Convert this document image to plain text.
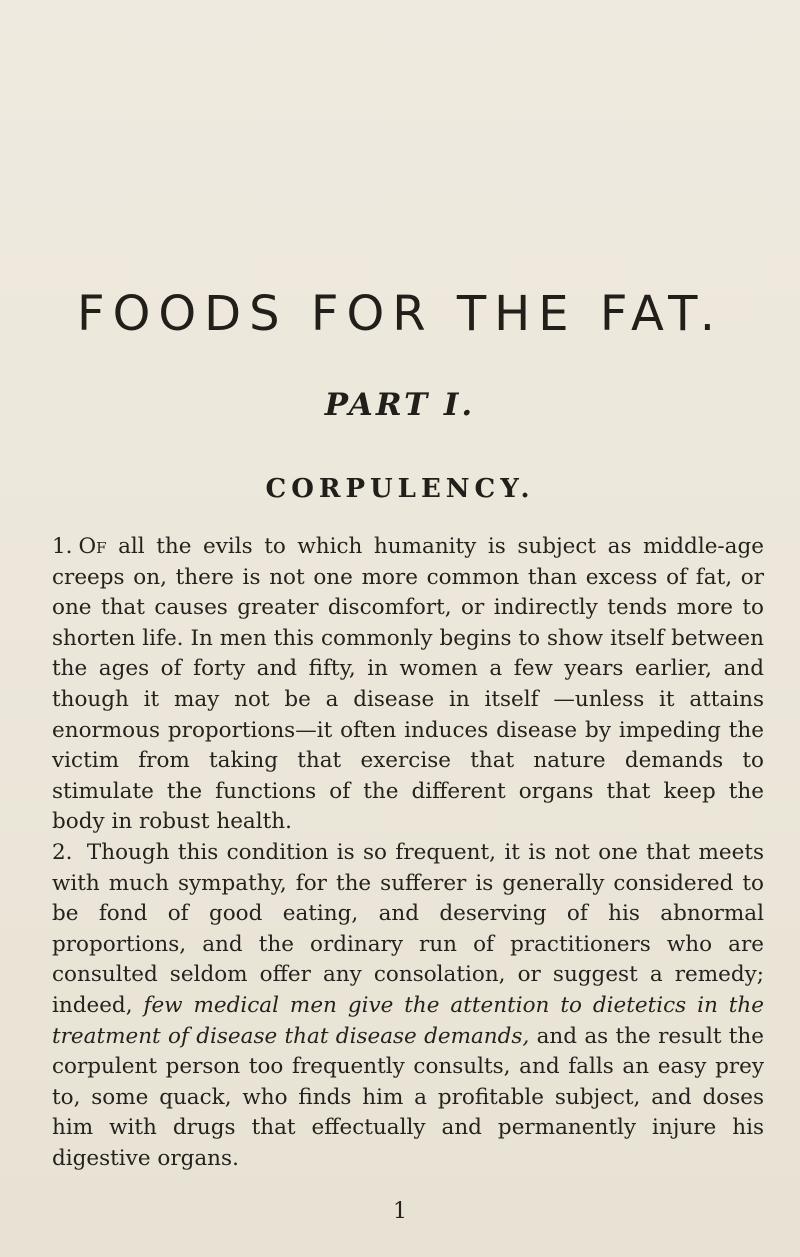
FOODS FOR THE FAT.
PART I.
CORPULENCY.

1. Of all the evils to which humanity is subject as middle-age creeps on, there is not one more common than excess of fat, or one that causes greater discomfort, or indirectly tends more to shorten life. In men this commonly begins to show itself between the ages of forty and fifty, in women a few years earlier, and though it may not be a disease in itself —unless it attains enormous proportions—it often induces disease by impeding the victim from taking that exercise that nature demands to stimulate the functions of the different organs that keep the body in robust health.

2. Though this condition is so frequent, it is not one that meets with much sympathy, for the sufferer is generally considered to be fond of good eating, and deserving of his abnormal proportions, and the ordinary run of practitioners who are consulted seldom offer any consolation, or suggest a remedy; indeed, few medical men give the attention to dietetics in the treatment of disease that disease demands, and as the result the corpulent person too frequently consults, and falls an easy prey to, some quack, who finds him a profitable subject, and doses him with drugs that effectually and permanently injure his digestive organs.

1
